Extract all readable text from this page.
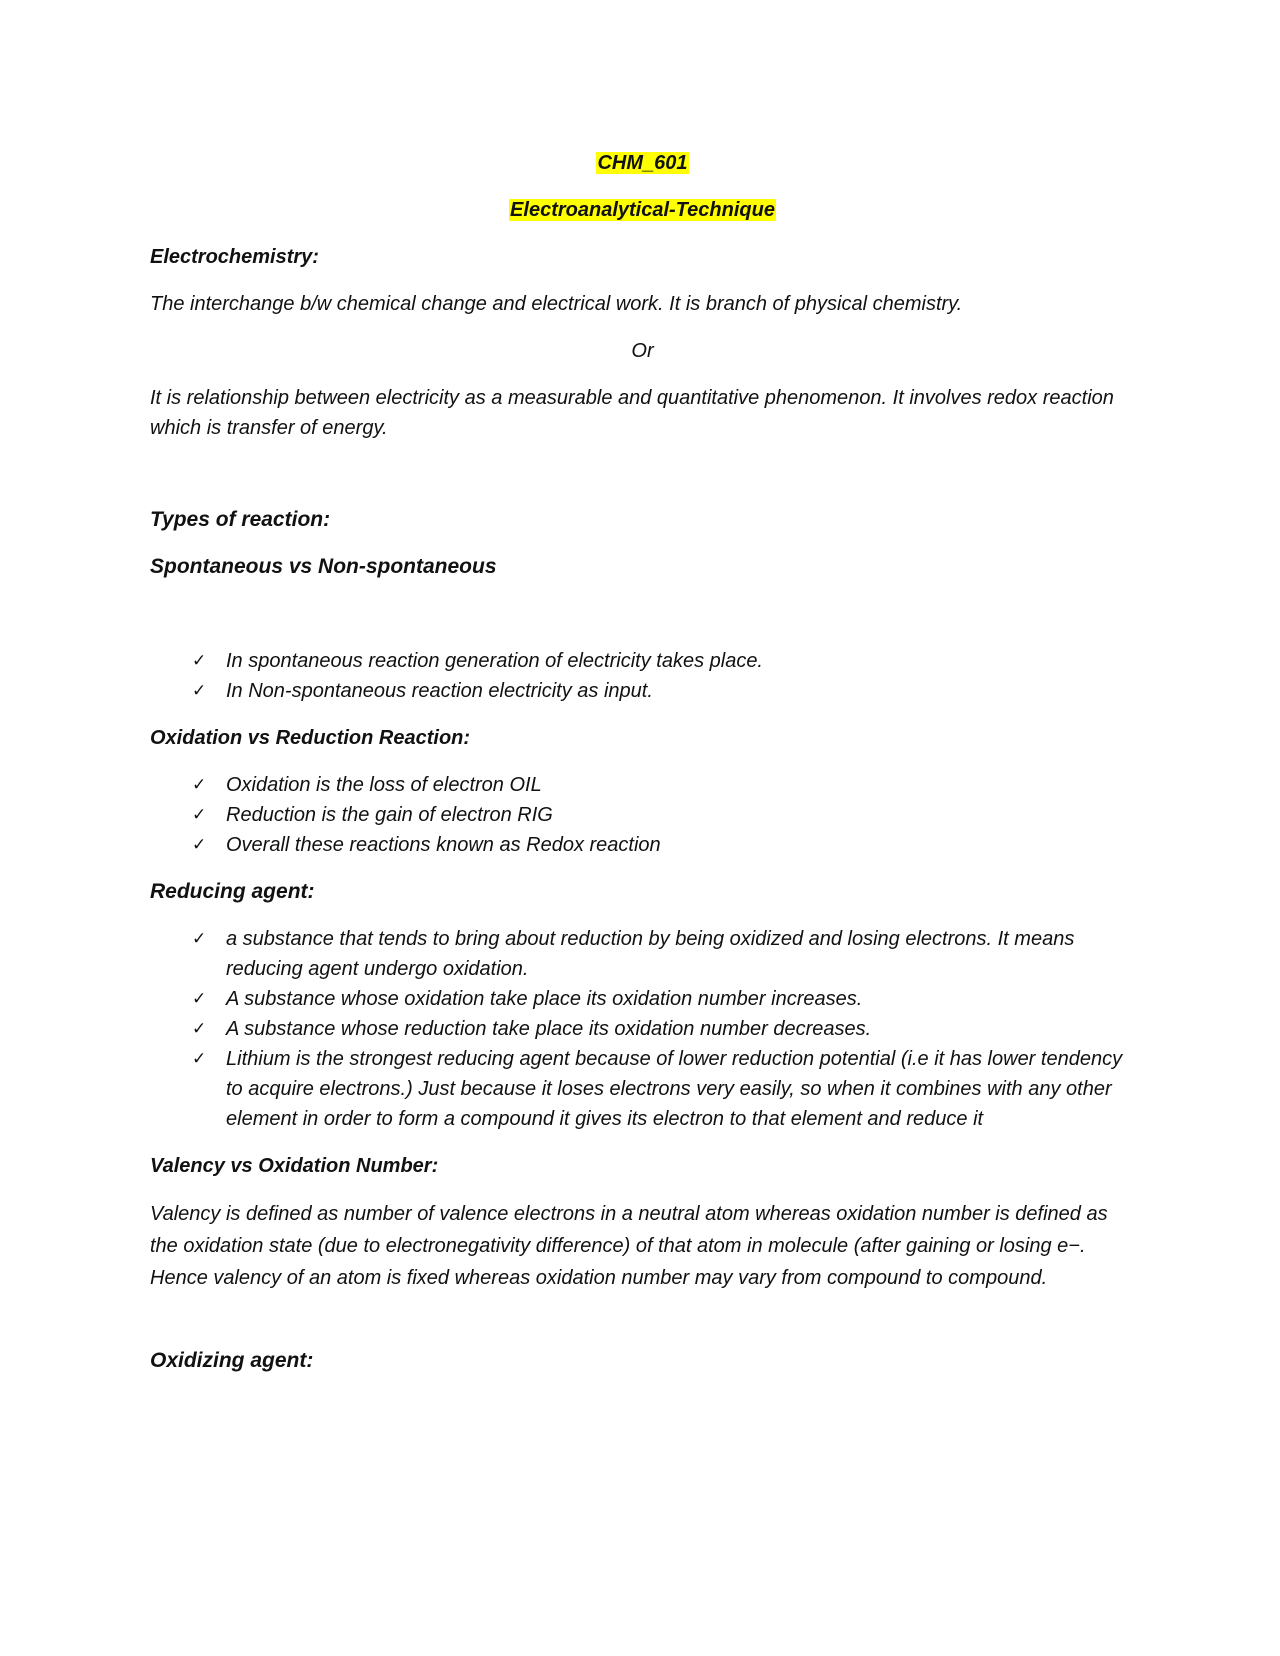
CHM_601
Electroanalytical-Technique
Electrochemistry:

The interchange b/w chemical change and electrical work. It is branch of physical chemistry.

Or

It is relationship between electricity as a measurable and quantitative phenomenon. It involves redox reaction which is transfer of energy.

Types of reaction:
Spontaneous vs Non-spontaneous
✓ In spontaneous reaction generation of electricity takes place.
✓ In Non-spontaneous reaction electricity as input.
Oxidation vs Reduction Reaction:
✓ Oxidation is the loss of electron OIL
✓ Reduction is the gain of electron RIG
✓ Overall these reactions known as Redox reaction
Reducing agent:
✓ a substance that tends to bring about reduction by being oxidized and losing electrons. It means reducing agent undergo oxidation.
✓ A substance whose oxidation take place its oxidation number increases.
✓ A substance whose reduction take place its oxidation number decreases.
✓ Lithium is the strongest reducing agent because of lower reduction potential (i.e it has lower tendency to acquire electrons.) Just because it loses electrons very easily, so when it combines with any other element in order to form a compound it gives its electron to that element and reduce it
Valency vs Oxidation Number:

Valency is defined as number of valence electrons in a neutral atom whereas oxidation number is defined as the oxidation state (due to electronegativity difference) of that atom in molecule (after gaining or losing e−. Hence valency of an atom is fixed whereas oxidation number may vary from compound to compound.

Oxidizing agent:
